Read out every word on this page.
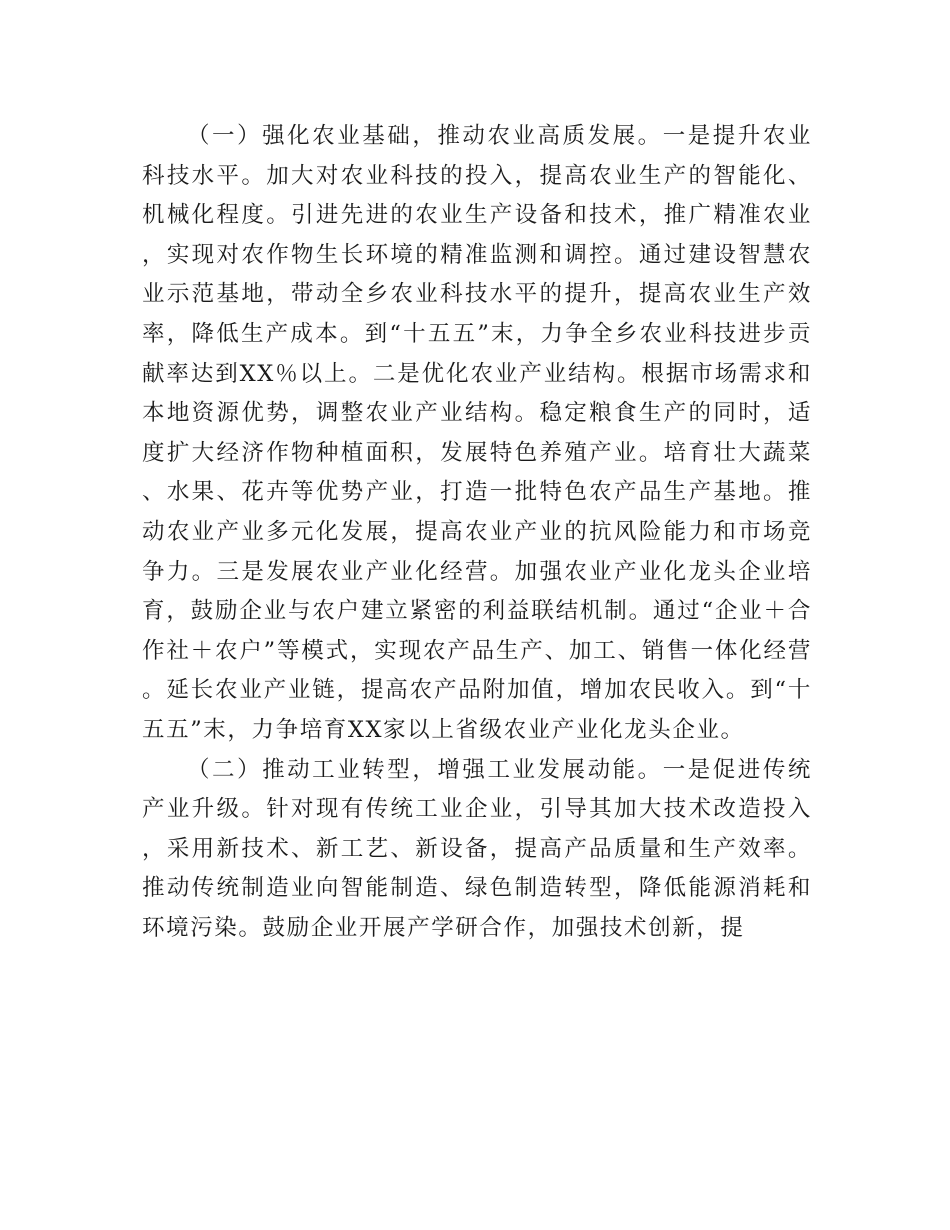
（一）强化农业基础，推动农业高质发展。一是提升农业科技水平。加大对农业科技的投入，提高农业生产的智能化、机械化程度。引进先进的农业生产设备和技术，推广精准农业，实现对农作物生长环境的精准监测和调控。通过建设智慧农业示范基地，带动全乡农业科技水平的提升，提高农业生产效率，降低生产成本。到“十五五”末，力争全乡农业科技进步贡献率达到XX％以上。二是优化农业产业结构。根据市场需求和本地资源优势，调整农业产业结构。稳定粮食生产的同时，适度扩大经济作物种植面积，发展特色养殖产业。培育壮大蔬菜、水果、花卉等优势产业，打造一批特色农产品生产基地。推动农业产业多元化发展，提高农业产业的抗风险能力和市场竞争力。三是发展农业产业化经营。加强农业产业化龙头企业培育，鼓励企业与农户建立紧密的利益联结机制。通过“企业＋合作社＋农户”等模式，实现农产品生产、加工、销售一体化经营。延长农业产业链，提高农产品附加值，增加农民收入。到“十五五”末，力争培育XX家以上省级农业产业化龙头企业。

（二）推动工业转型，增强工业发展动能。一是促进传统产业升级。针对现有传统工业企业，引导其加大技术改造投入，采用新技术、新工艺、新设备，提高产品质量和生产效率。推动传统制造业向智能制造、绿色制造转型，降低能源消耗和环境污染。鼓励企业开展产学研合作，加强技术创新，提
